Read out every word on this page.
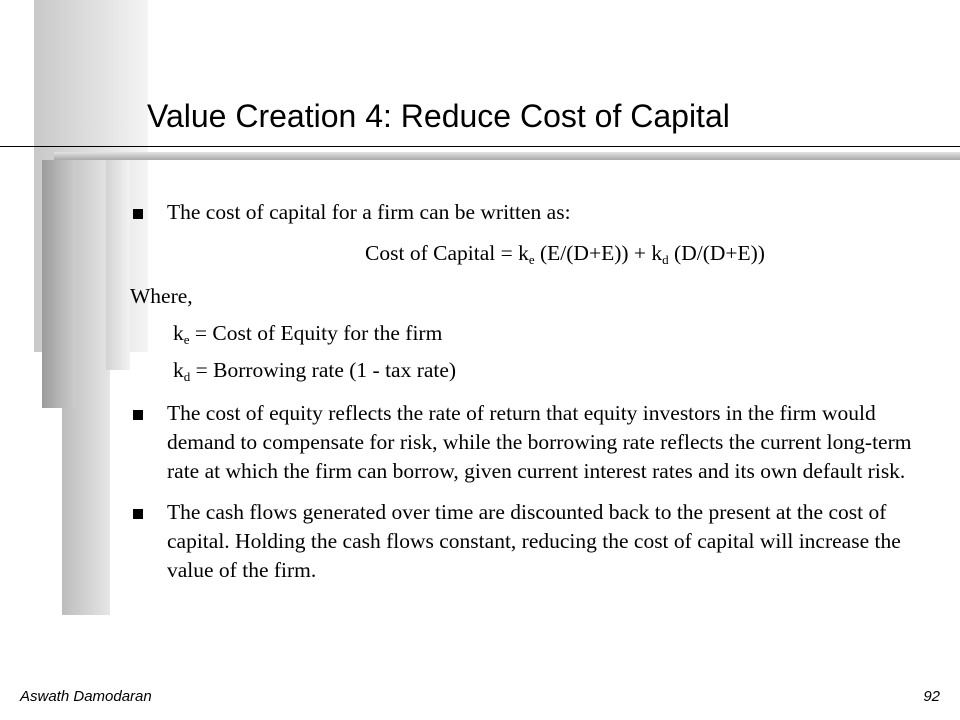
Value Creation 4: Reduce Cost of Capital
The cost of capital for a firm can be written as:
Cost of Capital = $k_e$ $(E/(D+E)) + k_d$ (D/(D+E))
Where,
$k_e$ = Cost of Equity for the firm
$k_d$ = Borrowing rate (1 - tax rate)
The cost of equity reflects the rate of return that equity investors in the firm would demand to compensate for risk, while the borrowing rate reflects the current long-term rate at which the firm can borrow, given current interest rates and its own default risk.
The cash flows generated over time are discounted back to the present at the cost of capital. Holding the cash flows constant, reducing the cost of capital will increase the value of the firm.
Aswath Damodaran	92
